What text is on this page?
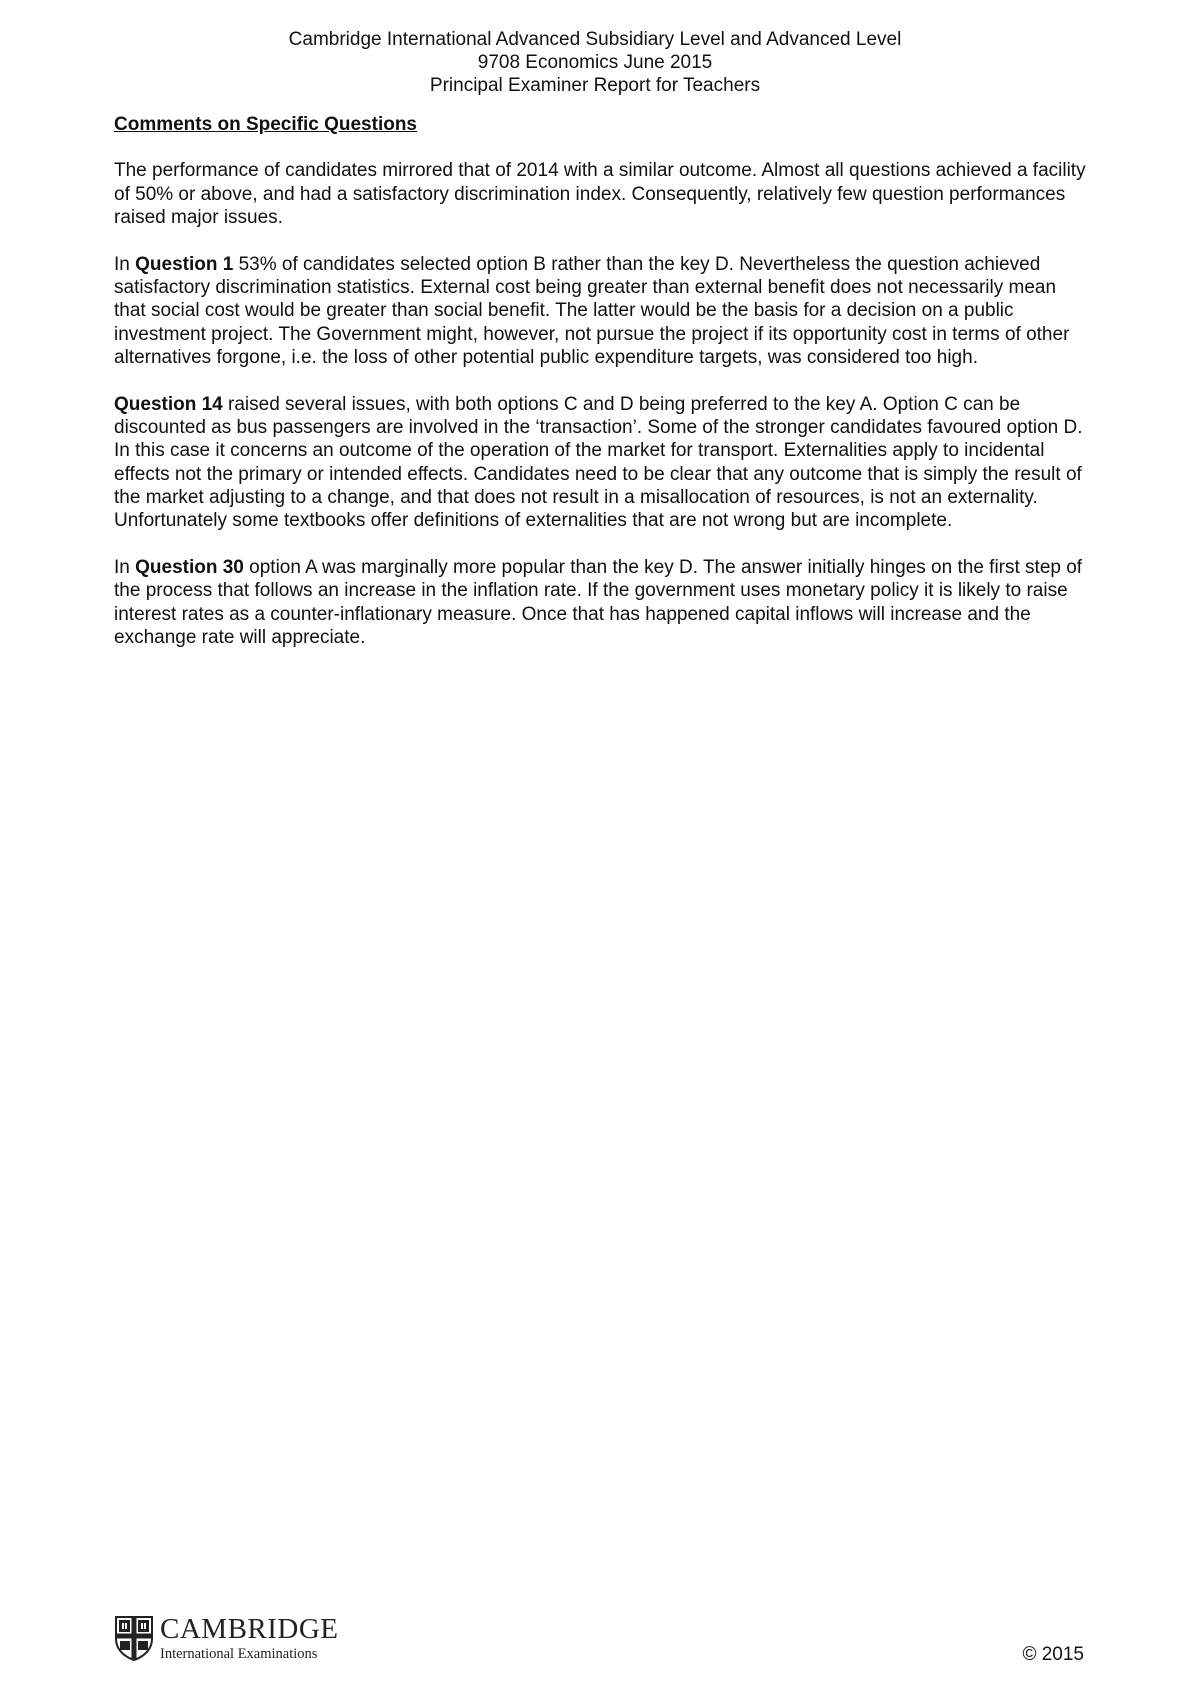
Cambridge International Advanced Subsidiary Level and Advanced Level
9708 Economics June 2015
Principal Examiner Report for Teachers
Comments on Specific Questions

The performance of candidates mirrored that of 2014 with a similar outcome. Almost all questions achieved a facility of 50% or above, and had a satisfactory discrimination index. Consequently, relatively few question performances raised major issues.

In Question 1 53% of candidates selected option B rather than the key D. Nevertheless the question achieved satisfactory discrimination statistics. External cost being greater than external benefit does not necessarily mean that social cost would be greater than social benefit. The latter would be the basis for a decision on a public investment project. The Government might, however, not pursue the project if its opportunity cost in terms of other alternatives forgone, i.e. the loss of other potential public expenditure targets, was considered too high.

Question 14 raised several issues, with both options C and D being preferred to the key A. Option C can be discounted as bus passengers are involved in the ‘transaction’. Some of the stronger candidates favoured option D. In this case it concerns an outcome of the operation of the market for transport. Externalities apply to incidental effects not the primary or intended effects. Candidates need to be clear that any outcome that is simply the result of the market adjusting to a change, and that does not result in a misallocation of resources, is not an externality. Unfortunately some textbooks offer definitions of externalities that are not wrong but are incomplete.

In Question 30 option A was marginally more popular than the key D. The answer initially hinges on the first step of the process that follows an increase in the inflation rate. If the government uses monetary policy it is likely to raise interest rates as a counter-inflationary measure. Once that has happened capital inflows will increase and the exchange rate will appreciate.

CAMBRIDGE
International Examinations	© 2015
